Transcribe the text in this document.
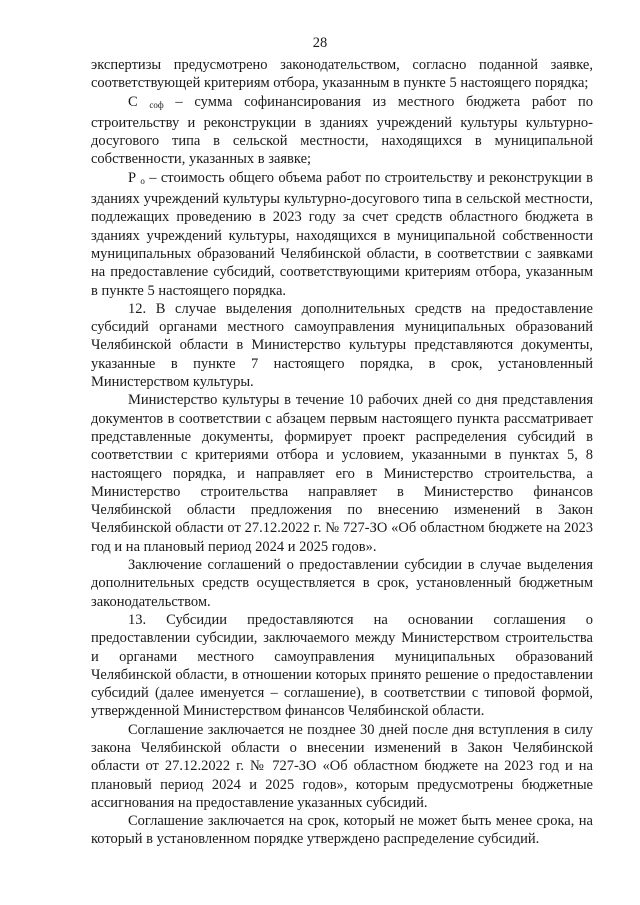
28

экспертизы предусмотрено законодательством, согласно поданной заявке, соответствующей критериям отбора, указанным в пункте 5 настоящего порядка;

С $_{соф}$ – сумма софинансирования из местного бюджета работ по строительству и реконструкции в зданиях учреждений культуры культурно-досугового типа в сельской местности, находящихся в муниципальной собственности, указанных в заявке;

Р $_о$ – стоимость общего объема работ по строительству и реконструкции в зданиях учреждений культуры культурно-досугового типа в сельской местности, подлежащих проведению в 2023 году за счет средств областного бюджета в зданиях учреждений культуры, находящихся в муниципальной собственности муниципальных образований Челябинской области, в соответствии с заявками на предоставление субсидий, соответствующими критериям отбора, указанным в пункте 5 настоящего порядка.

12. В случае выделения дополнительных средств на предоставление субсидий органами местного самоуправления муниципальных образований Челябинской области в Министерство культуры представляются документы, указанные в пункте 7 настоящего порядка, в срок, установленный Министерством культуры.

Министерство культуры в течение 10 рабочих дней со дня представления документов в соответствии с абзацем первым настоящего пункта рассматривает представленные документы, формирует проект распределения субсидий в соответствии с критериями отбора и условием, указанными в пунктах 5, 8 настоящего порядка, и направляет его в Министерство строительства, а Министерство строительства направляет в Министерство финансов Челябинской области предложения по внесению изменений в Закон Челябинской области от 27.12.2022 г. № 727-ЗО «Об областном бюджете на 2023 год и на плановый период 2024 и 2025 годов».

Заключение соглашений о предоставлении субсидии в случае выделения дополнительных средств осуществляется в срок, установленный бюджетным законодательством.

13. Субсидии предоставляются на основании соглашения о предоставлении субсидии, заключаемого между Министерством строительства и органами местного самоуправления муниципальных образований Челябинской области, в отношении которых принято решение о предоставлении субсидий (далее именуется – соглашение), в соответствии с типовой формой, утвержденной Министерством финансов Челябинской области.

Соглашение заключается не позднее 30 дней после дня вступления в силу закона Челябинской области о внесении изменений в Закон Челябинской области от 27.12.2022 г. № 727-ЗО «Об областном бюджете на 2023 год и на плановый период 2024 и 2025 годов», которым предусмотрены бюджетные ассигнования на предоставление указанных субсидий.

Соглашение заключается на срок, который не может быть менее срока, на который в установленном порядке утверждено распределение субсидий.
